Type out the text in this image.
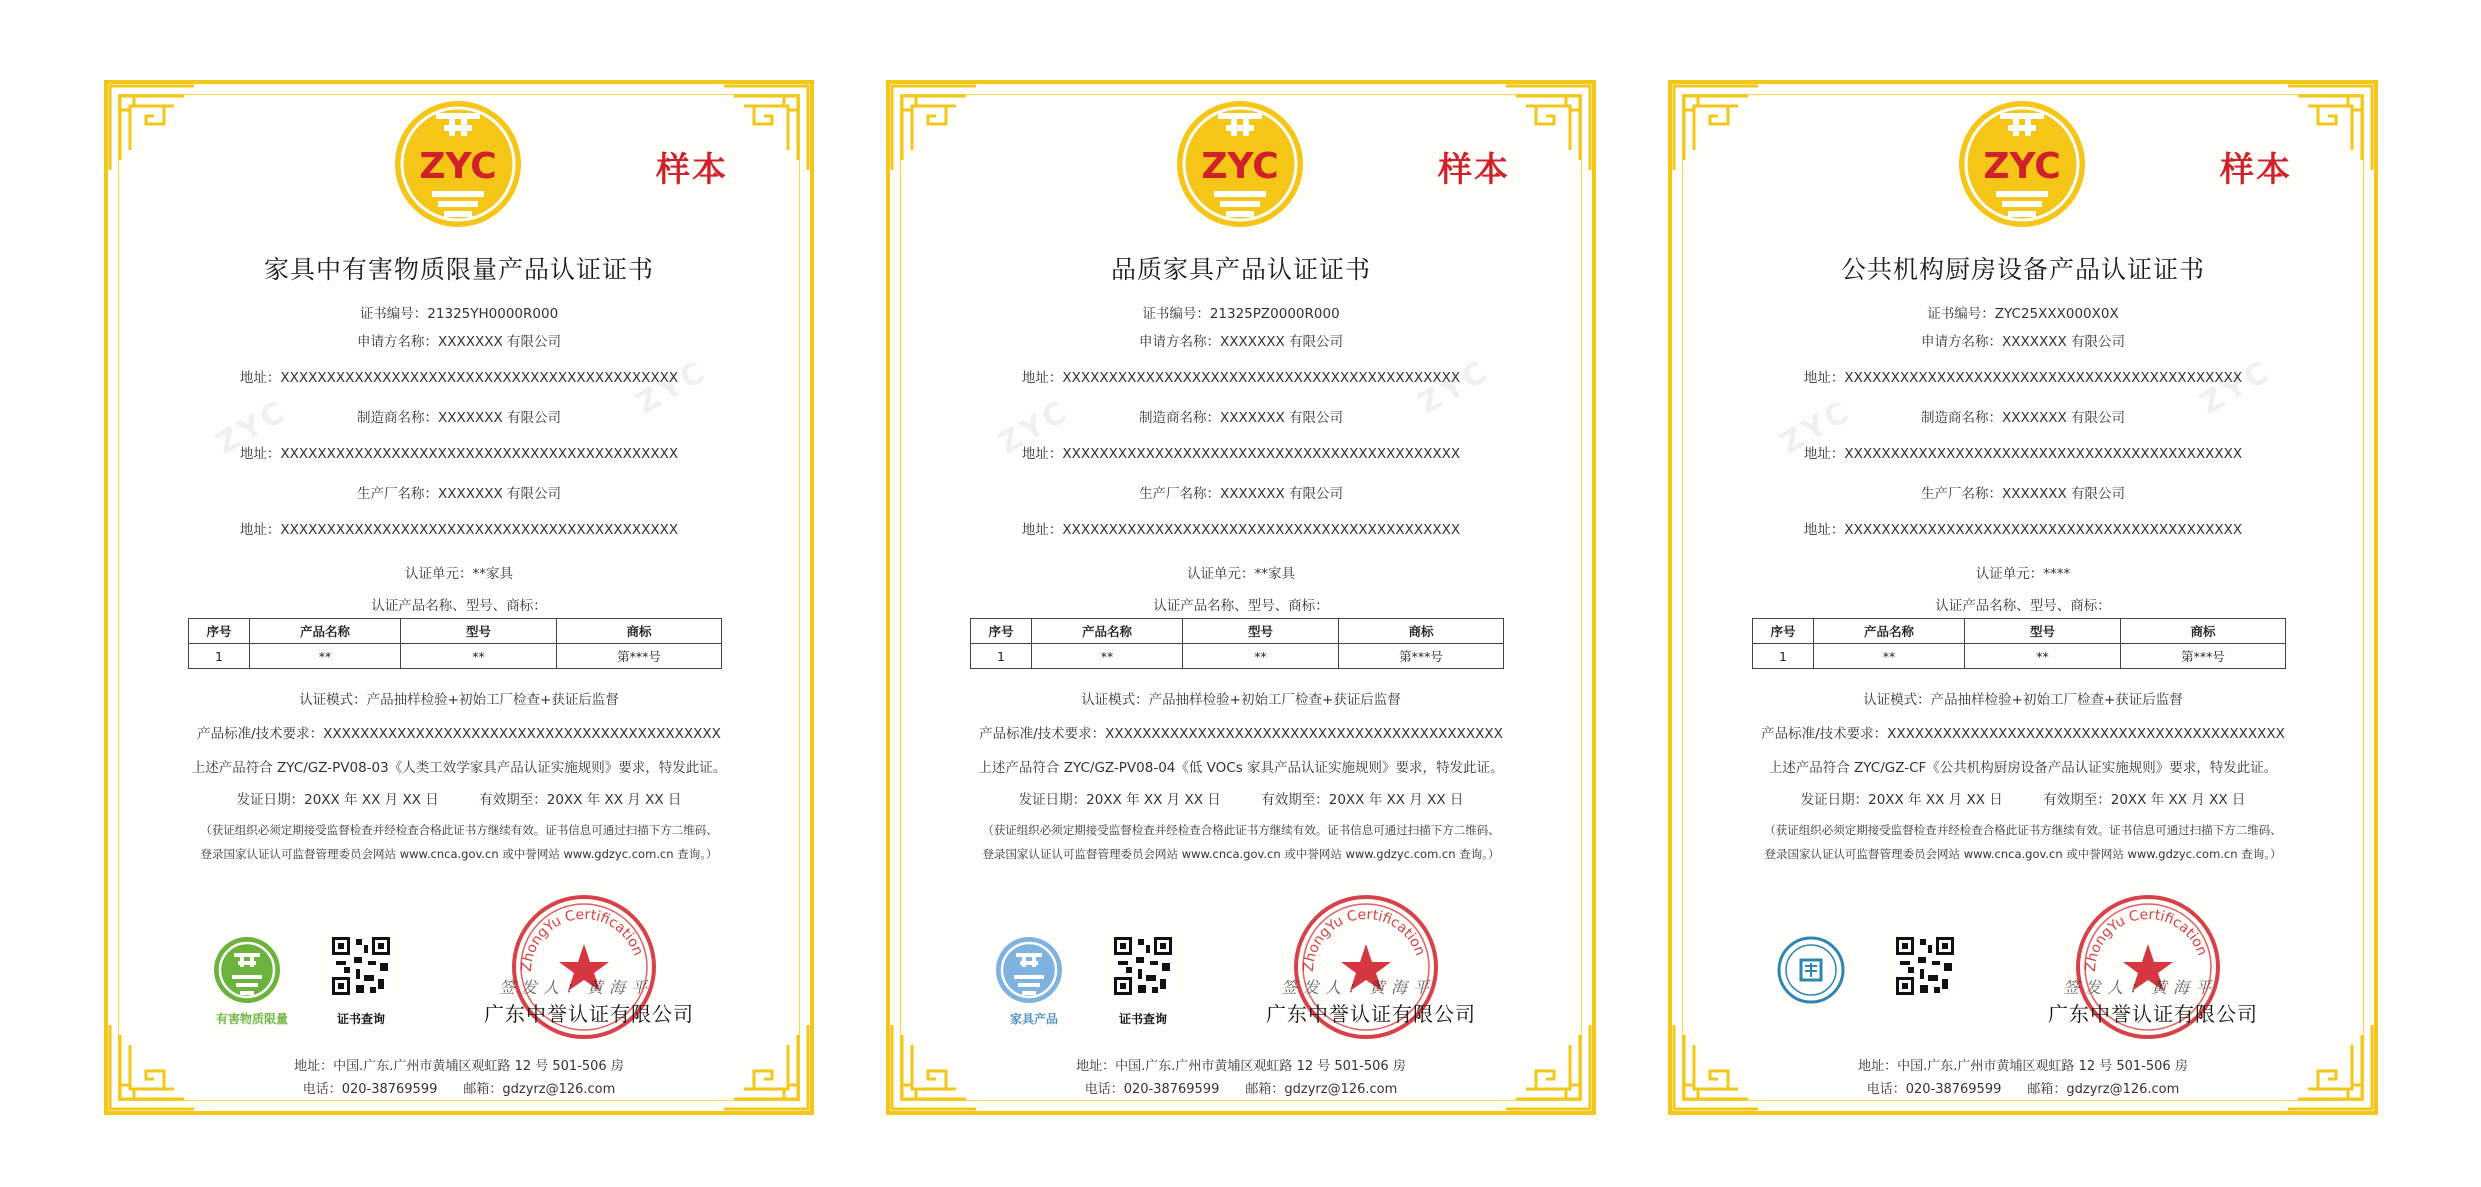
ZYC	样本
ZYC
ZYC
家具中有害物质限量产品认证证书
证书编号：21325YH0000R000
申请方名称：XXXXXXX 有限公司
地址：XXXXXXXXXXXXXXXXXXXXXXXXXXXXXXXXXXXXXXXXXXX
制造商名称：XXXXXXX 有限公司
地址：XXXXXXXXXXXXXXXXXXXXXXXXXXXXXXXXXXXXXXXXXXX
生产厂名称：XXXXXXX 有限公司
地址：XXXXXXXXXXXXXXXXXXXXXXXXXXXXXXXXXXXXXXXXXXX
认证单元：**家具
认证产品名称、型号、商标：
序号	产品名称	型号	商标
1	**	**	第***号
认证模式：产品抽样检验+初始工厂检查+获证后监督
产品标准/技术要求：XXXXXXXXXXXXXXXXXXXXXXXXXXXXXXXXXXXXXXXXXXX
上述产品符合 ZYC/GZ-PV08-03《人类工效学家具产品认证实施规则》要求，特发此证。
发证日期：20XX 年 XX 月 XX 日　　　有效期至：20XX 年 XX 月 XX 日
（获证组织必须定期接受监督检查并经检查合格此证书方继续有效。证书信息可通过扫描下方二维码、
登录国家认证认可监督管理委员会网站 www.cnca.gov.cn 或中誉网站 www.gdzyc.com.cn 查询。）
有害物质限量	证书查询
ZhongYu Certification
签发人：黄海平
广东中誉认证有限公司
地址：中国.广东.广州市黄埔区观虹路 12 号 501-506 房
电话：020-38769599　　邮箱：gdzyrz@126.com
ZYC	样本
ZYC
ZYC
品质家具产品认证证书
证书编号：21325PZ0000R000
申请方名称：XXXXXXX 有限公司
地址：XXXXXXXXXXXXXXXXXXXXXXXXXXXXXXXXXXXXXXXXXXX
制造商名称：XXXXXXX 有限公司
地址：XXXXXXXXXXXXXXXXXXXXXXXXXXXXXXXXXXXXXXXXXXX
生产厂名称：XXXXXXX 有限公司
地址：XXXXXXXXXXXXXXXXXXXXXXXXXXXXXXXXXXXXXXXXXXX
认证单元：**家具
认证产品名称、型号、商标：
序号	产品名称	型号	商标
1	**	**	第***号
认证模式：产品抽样检验+初始工厂检查+获证后监督
产品标准/技术要求：XXXXXXXXXXXXXXXXXXXXXXXXXXXXXXXXXXXXXXXXXXX
上述产品符合 ZYC/GZ-PV08-04《低 VOCs 家具产品认证实施规则》要求，特发此证。
发证日期：20XX 年 XX 月 XX 日　　　有效期至：20XX 年 XX 月 XX 日
（获证组织必须定期接受监督检查并经检查合格此证书方继续有效。证书信息可通过扫描下方二维码、
登录国家认证认可监督管理委员会网站 www.cnca.gov.cn 或中誉网站 www.gdzyc.com.cn 查询。）
家具产品	证书查询
ZhongYu Certification
签发人：黄海平
广东中誉认证有限公司
地址：中国.广东.广州市黄埔区观虹路 12 号 501-506 房
电话：020-38769599　　邮箱：gdzyrz@126.com
ZYC	样本
ZYC
ZYC
公共机构厨房设备产品认证证书
证书编号：ZYC25XXX000X0X
申请方名称：XXXXXXX 有限公司
地址：XXXXXXXXXXXXXXXXXXXXXXXXXXXXXXXXXXXXXXXXXXX
制造商名称：XXXXXXX 有限公司
地址：XXXXXXXXXXXXXXXXXXXXXXXXXXXXXXXXXXXXXXXXXXX
生产厂名称：XXXXXXX 有限公司
地址：XXXXXXXXXXXXXXXXXXXXXXXXXXXXXXXXXXXXXXXXXXX
认证单元：****
认证产品名称、型号、商标：
序号	产品名称	型号	商标
1	**	**	第***号
认证模式：产品抽样检验+初始工厂检查+获证后监督
产品标准/技术要求：XXXXXXXXXXXXXXXXXXXXXXXXXXXXXXXXXXXXXXXXXXX
上述产品符合 ZYC/GZ-CF《公共机构厨房设备产品认证实施规则》要求，特发此证。
发证日期：20XX 年 XX 月 XX 日　　　有效期至：20XX 年 XX 月 XX 日
（获证组织必须定期接受监督检查并经检查合格此证书方继续有效。证书信息可通过扫描下方二维码、
登录国家认证认可监督管理委员会网站 www.cnca.gov.cn 或中誉网站 www.gdzyc.com.cn 查询。）
ZhongYu Certification
签发人：黄海平
广东中誉认证有限公司
地址：中国.广东.广州市黄埔区观虹路 12 号 501-506 房
电话：020-38769599　　邮箱：gdzyrz@126.com
